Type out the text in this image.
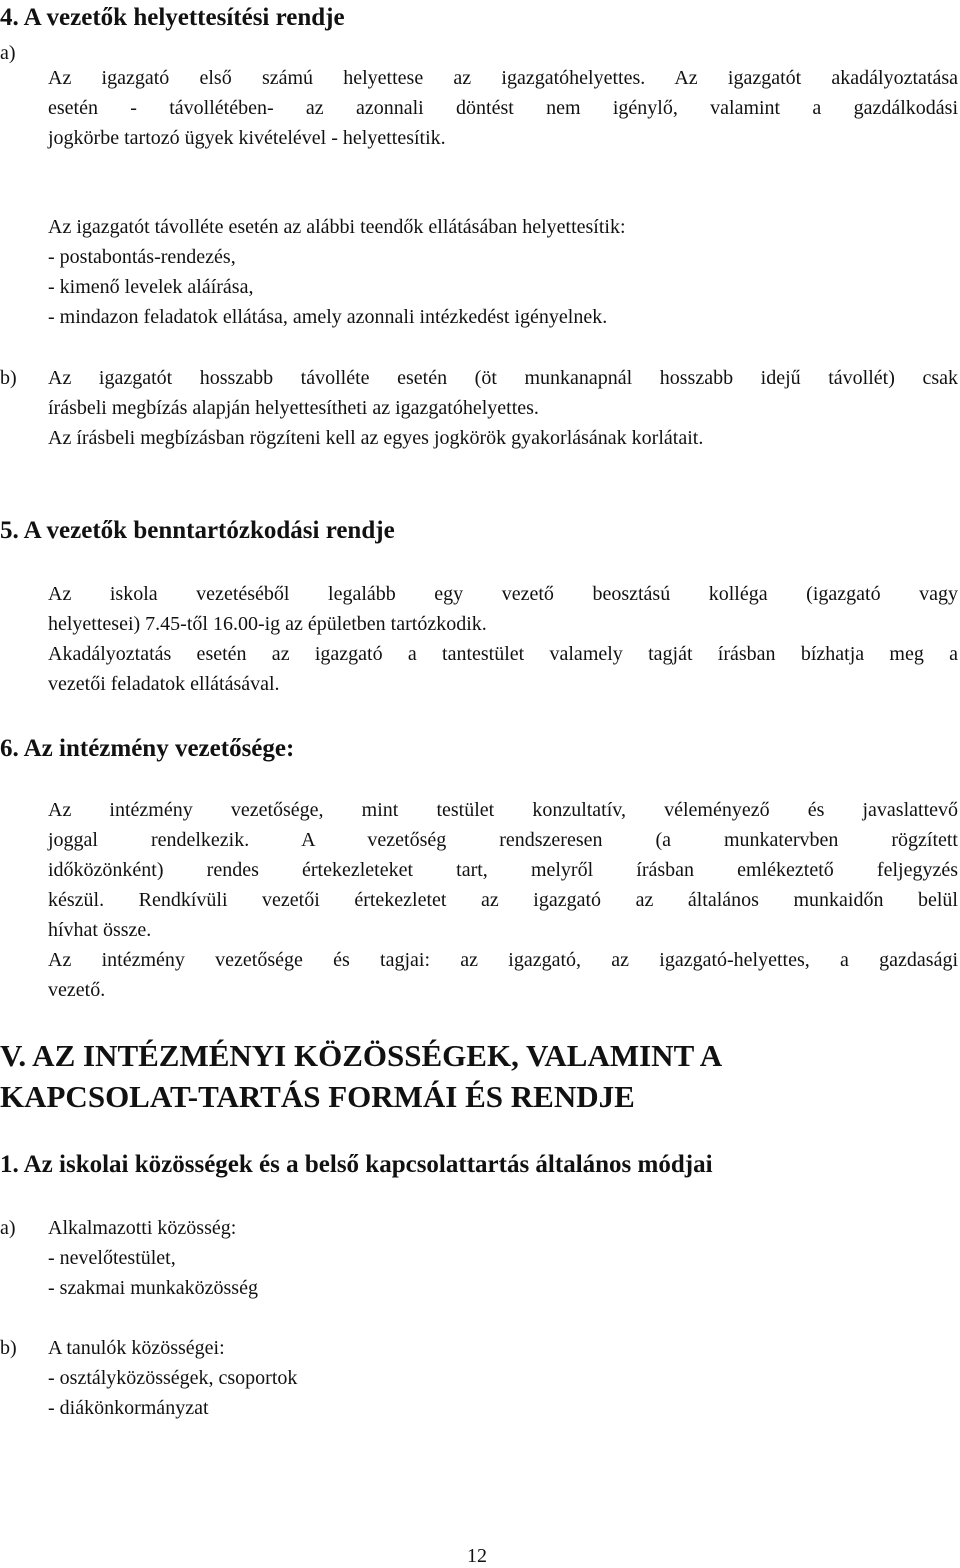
4. A vezetők helyettesítési rendje
a)
Az igazgató első számú helyettese az igazgatóhelyettes. Az igazgatót akadályoztatása
esetén - távollétében- az azonnali döntést nem igénylő, valamint a gazdálkodási
jogkörbe tartozó ügyek kivételével - helyettesítik.
Az igazgatót távolléte esetén az alábbi teendők ellátásában helyettesítik:
- postabontás-rendezés,
- kimenő levelek aláírása,
- mindazon feladatok ellátása, amely azonnali intézkedést igényelnek.
b) Az igazgatót hosszabb távolléte esetén (öt munkanapnál hosszabb idejű távollét) csak
írásbeli megbízás alapján helyettesítheti az igazgatóhelyettes.
Az írásbeli megbízásban rögzíteni kell az egyes jogkörök gyakorlásának korlátait.
5. A vezetők benntartózkodási rendje
Az iskola vezetéséből legalább egy vezető beosztású kolléga (igazgató vagy
helyettesei) 7.45-től 16.00-ig az épületben tartózkodik.
Akadályoztatás esetén az igazgató a tantestület valamely tagját írásban bízhatja meg a
vezetői feladatok ellátásával.
6. Az intézmény vezetősége:
Az intézmény vezetősége, mint testület konzultatív, véleményező és javaslattevő
joggal rendelkezik. A vezetőség rendszeresen (a munkatervben rögzített
időközönként) rendes értekezleteket tart, melyről írásban emlékeztető feljegyzés
készül. Rendkívüli vezetői értekezletet az igazgató az általános munkaidőn belül
hívhat össze.
Az intézmény vezetősége és tagjai: az igazgató, az igazgató-helyettes, a gazdasági
vezető.
V. AZ INTÉZMÉNYI KÖZÖSSÉGEK, VALAMINT A
KAPCSOLAT-TARTÁS FORMÁI ÉS RENDJE
1. Az iskolai közösségek és a belső kapcsolattartás általános módjai
a) Alkalmazotti közösség:
- nevelőtestület,
- szakmai munkaközösség
b) A tanulók közösségei:
- osztályközösségek, csoportok
- diákönkormányzat
12
